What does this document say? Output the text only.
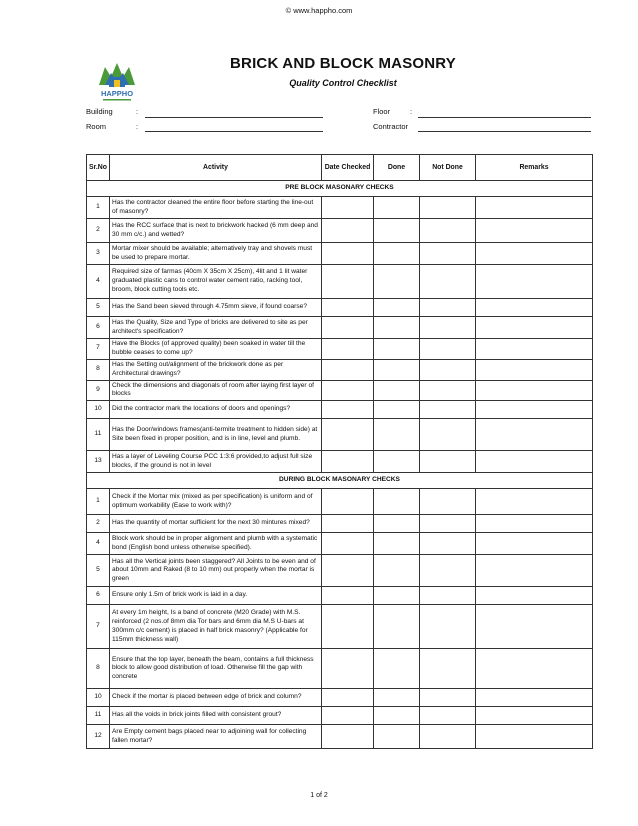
© www.happho.com
HAPPHO
BRICK AND BLOCK MASONRY
Quality Control Checklist
Building	:
Room	:
Floor	:
Contractor
Sr.No	Activity	Date Checked	Done	Not Done	Remarks
PRE BLOCK MASONARY CHECKS					
1	Has the contractor cleaned the entire floor before starting the line-out of masonry?				
2	Has the RCC surface that is next to brickwork hacked (6 mm deep and 30 mm c/c.) and wetted?				
3	Mortar mixer should be available; alternatively tray and shovels must be used to prepare mortar.				
4	Required size of farmas (40cm X 35cm X 25cm), 4lit and 1 lit water graduated plastic cans to control water cement ratio, racking tool, broom, block cutting tools etc.				
5	Has the Sand been sieved through 4.75mm sieve, if found coarse?				
6	Has the Quality, Size and Type of bricks are delivered to site as per architect's specification?				
7	Have the Blocks (of approved quality) been soaked in water till the bubble ceases to come up?				
8	Has the Setting out/alignment of the brickwork done as per Architectural drawings?				
9	Check the dimensions and diagonals of room after laying first layer of blocks				
10	Did the contractor mark the locations of doors and openings?				
11	Has the Door/windows frames(anti-termite treatment to hidden side) at Site been fixed in proper position, and is in line, level and plumb.				
13	Has a layer of Leveling Course PCC 1:3:6 provided,to adjust full size blocks, if the ground is not in level				
DURING BLOCK MASONARY CHECKS					
1	Check if the Mortar mix (mixed as per specification) is uniform and of optimum workability (Ease to work with)?				
2	Has the quantity of mortar sufficient for the next 30 mintures mixed?				
4	Block work should be in proper alignment and plumb with a systematic bond (English bond unless otherwise specified).				
5	Has all the Vertical joints been staggered? All Joints to be even and of about 10mm and Raked (8 to 10 mm) out properly when the mortar is green				
6	Ensure only 1.5m of brick work is laid in a day.				
7	At every 1m height, Is a band of concrete (M20 Grade) with M.S. reinforced (2 nos.of 8mm dia Tor bars and 6mm dia M.S U-bars at 300mm c/c cement) is placed in half brick masonry? (Applicable for 115mm thickness wall)				
8	Ensure that the top layer, beneath the beam, contains a full thickness block to allow good distribution of load. Otherwise fill the gap with concrete				
10	Check if the mortar is placed between edge of brick and column?				
11	Has all the voids in brick joints filled with consistent grout?				
12	Are Empty cement bags placed near to adjoining wall for collecting fallen mortar?				
1 of 2
